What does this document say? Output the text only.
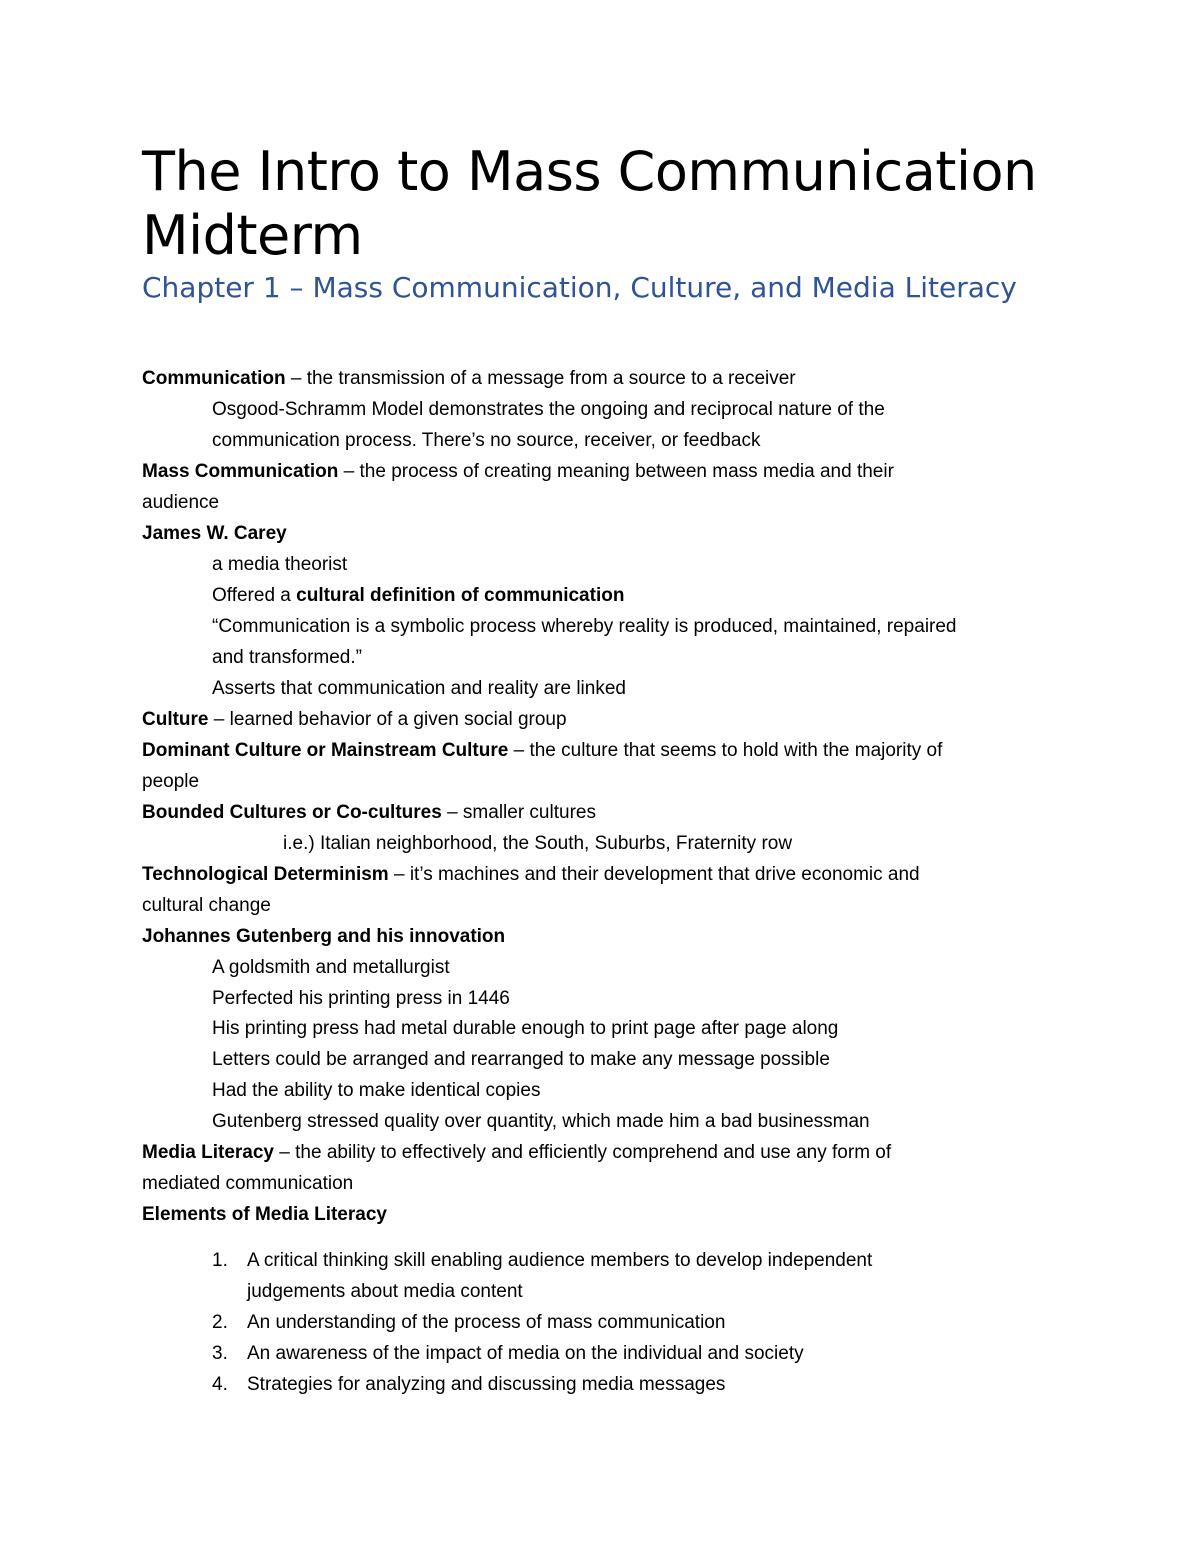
The Intro to Mass Communication Midterm
Chapter 1 – Mass Communication, Culture, and Media Literacy

Communication – the transmission of a message from a source to a receiver

Osgood-Schramm Model demonstrates the ongoing and reciprocal nature of the

communication process. There’s no source, receiver, or feedback

Mass Communication – the process of creating meaning between mass media and their

audience

James W. Carey

a media theorist

Offered a cultural definition of communication

“Communication is a symbolic process whereby reality is produced, maintained, repaired

and transformed.”

Asserts that communication and reality are linked

Culture – learned behavior of a given social group

Dominant Culture or Mainstream Culture – the culture that seems to hold with the majority of

people

Bounded Cultures or Co-cultures – smaller cultures

i.e.) Italian neighborhood, the South, Suburbs, Fraternity row

Technological Determinism – it’s machines and their development that drive economic and

cultural change

Johannes Gutenberg and his innovation

A goldsmith and metallurgist

Perfected his printing press in 1446

His printing press had metal durable enough to print page after page along

Letters could be arranged and rearranged to make any message possible

Had the ability to make identical copies

Gutenberg stressed quality over quantity, which made him a bad businessman

Media Literacy – the ability to effectively and efficiently comprehend and use any form of

mediated communication

Elements of Media Literacy

1.	A critical thinking skill enabling audience members to develop independent
judgements about media content
2.	An understanding of the process of mass communication
3.	An awareness of the impact of media on the individual and society
4.	Strategies for analyzing and discussing media messages
